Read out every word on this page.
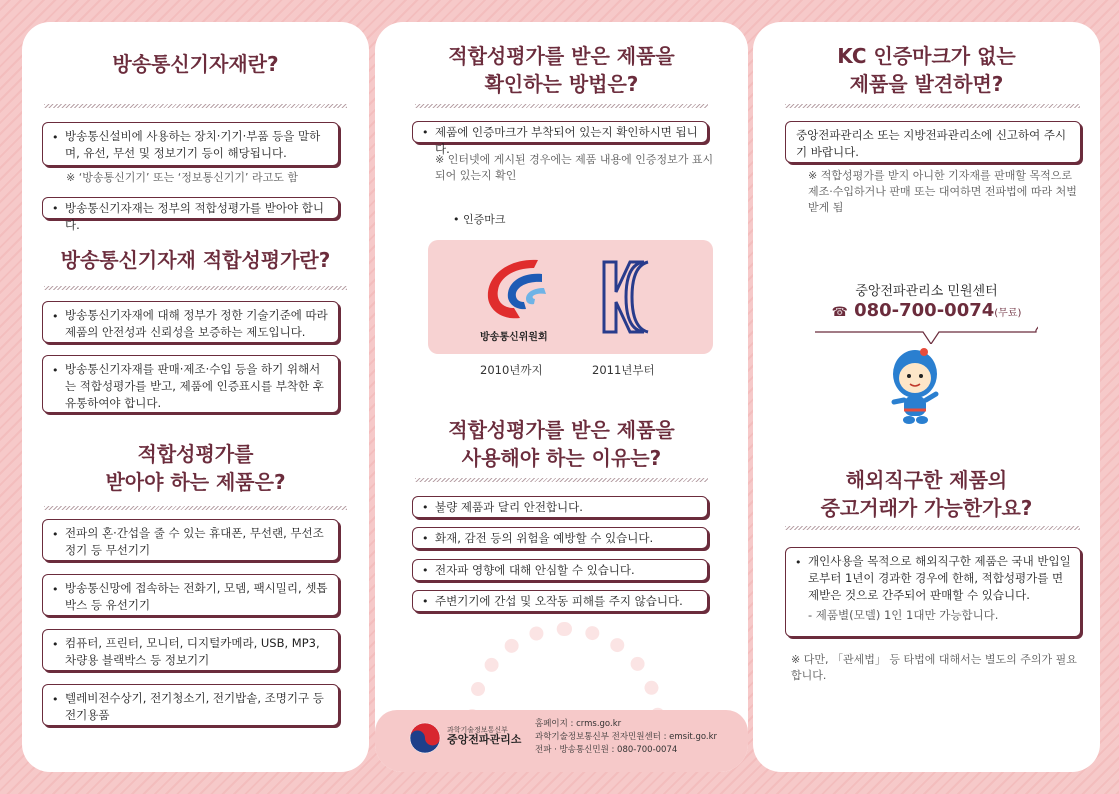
방송통신기자재란?
• 방송통신설비에 사용하는 장치·기기·부품 등을 말하며, 유선, 무선 및 정보기기 등이 해당됩니다.
※ ‘방송통신기기’ 또는 ‘정보통신기기’ 라고도 함
• 방송통신기자재는 정부의 적합성평가를 받아야 합니다.
방송통신기자재 적합성평가란?
• 방송통신기자재에 대해 정부가 정한 기술기준에 따라 제품의 안전성과 신뢰성을 보증하는 제도입니다.
• 방송통신기자재를 판매·제조·수입 등을 하기 위해서는 적합성평가를 받고, 제품에 인증표시를 부착한 후 유통하여야 합니다.
적합성평가를
받아야 하는 제품은?
• 전파의 혼·간섭을 줄 수 있는 휴대폰, 무선랜, 무선조정기 등 무선기기
• 방송통신망에 접속하는 전화기, 모뎀, 팩시밀리, 셋톱박스 등 유선기기
• 컴퓨터, 프린터, 모니터, 디지털카메라, USB, MP3, 차량용 블랙박스 등 정보기기
• 텔레비전수상기, 전기청소기, 전기밥솥, 조명기구 등 전기용품
적합성평가를 받은 제품을
확인하는 방법은?
• 제품에 인증마크가 부착되어 있는지 확인하시면 됩니다.
※ 인터넷에 게시된 경우에는 제품 내용에 인증정보가 표시되어 있는지 확인
• 인증마크
방송통신위원회
2010년까지	2011년부터
적합성평가를 받은 제품을
사용해야 하는 이유는?
• 불량 제품과 달리 안전합니다.
• 화재, 감전 등의 위험을 예방할 수 있습니다.
• 전자파 영향에 대해 안심할 수 있습니다.
• 주변기기에 간섭 및 오작동 피해를 주지 않습니다.
과학기술정보통신부
중앙전파관리소
홈페이지 : crms.go.kr
과학기술정보통신부 전자민원센터 : emsit.go.kr
전파 · 방송통신민원 : 080-700-0074
KC 인증마크가 없는
제품을 발견하면?
중앙전파관리소 또는 지방전파관리소에 신고하여 주시기 바랍니다.
※ 적합성평가를 받지 아니한 기자재를 판매할 목적으로 제조·수입하거나 판매 또는 대여하면 전파법에 따라 처벌받게 됨
중앙전파관리소 민원센터
☎ 080-700-0074(무료)
해외직구한 제품의
중고거래가 가능한가요?
• 개인사용을 목적으로 해외직구한 제품은 국내 반입일로부터 1년이 경과한 경우에 한해, 적합성평가를 면제받은 것으로 간주되어 판매할 수 있습니다.
- 제품별(모델) 1인 1대만 가능합니다.
※ 다만, 「관세법」 등 타법에 대해서는 별도의 주의가 필요합니다.
